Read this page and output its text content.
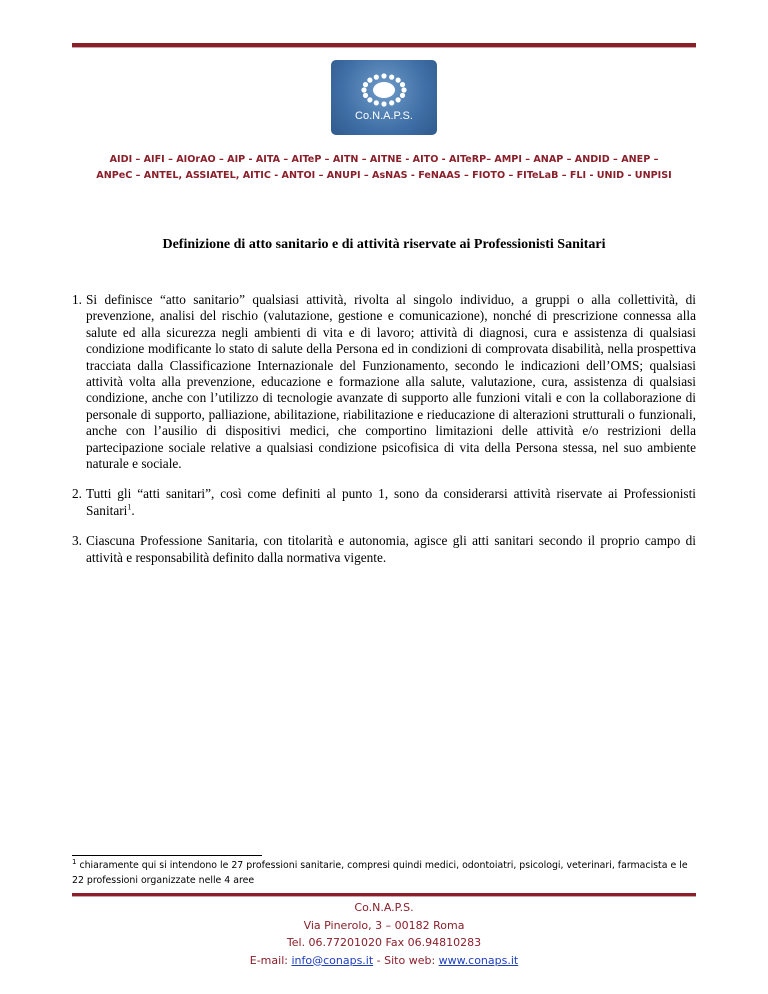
Co.N.A.P.S.

AIDI – AIFI – AIOrAO – AIP - AITA – AITeP – AITN – AITNE - AITO - AITeRP– AMPI – ANAP – ANDID – ANEP –
ANPeC – ANTEL, ASSIATEL, AITIC - ANTOI – ANUPI – AsNAS - FeNAAS – FIOTO – FITeLaB – FLI - UNID - UNPISI

Definizione di atto sanitario e di attività riservate ai Professionisti Sanitari
1. Si definisce “atto sanitario” qualsiasi attività, rivolta al singolo individuo, a gruppi o alla collettività, di prevenzione, analisi del rischio (valutazione, gestione e comunicazione), nonché di prescrizione connessa alla salute ed alla sicurezza negli ambienti di vita e di lavoro; attività di diagnosi, cura e assistenza di qualsiasi condizione modificante lo stato di salute della Persona ed in condizioni di comprovata disabilità, nella prospettiva tracciata dalla Classificazione Internazionale del Funzionamento, secondo le indicazioni dell’OMS; qualsiasi attività volta alla prevenzione, educazione e formazione alla salute, valutazione, cura, assistenza di qualsiasi condizione, anche con l’utilizzo di tecnologie avanzate di supporto alle funzioni vitali e con la collaborazione di personale di supporto, palliazione, abilitazione, riabilitazione e rieducazione di alterazioni strutturali o funzionali, anche con l’ausilio di dispositivi medici, che comportino limitazioni delle attività e/o restrizioni della partecipazione sociale relative a qualsiasi condizione psicofisica di vita della Persona stessa, nel suo ambiente naturale e sociale.
2. Tutti gli “atti sanitari”, così come definiti al punto 1, sono da considerarsi attività riservate ai Professionisti Sanitari$^1$.
3. Ciascuna Professione Sanitaria, con titolarità e autonomia, agisce gli atti sanitari secondo il proprio campo di attività e responsabilità definito dalla normativa vigente.

$^1$ chiaramente qui si intendono le 27 professioni sanitarie, compresi quindi medici, odontoiatri, psicologi, veterinari, farmacista e le 22 professioni organizzate nelle 4 aree

Co.N.A.P.S.
Via Pinerolo, 3 – 00182 Roma
Tel. 06.77201020 Fax 06.94810283
E-mail: info@conaps.it - Sito web: www.conaps.it
